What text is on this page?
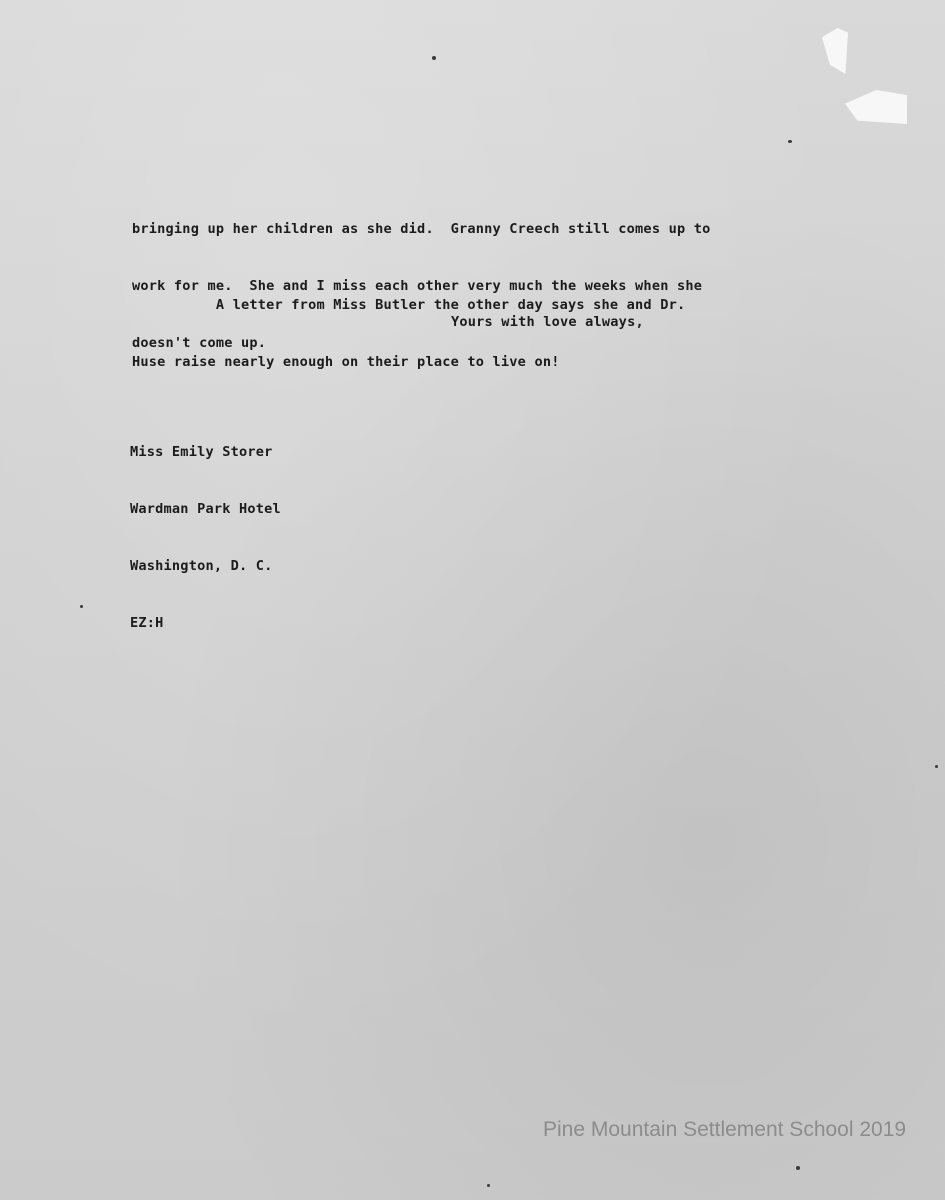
bringing up her children as she did.  Granny Creech still comes up to

work for me.  She and I miss each other very much the weeks when she

doesn't come up.

A letter from Miss Butler the other day says she and Dr.

Huse raise nearly enough on their place to live on!

Yours with love always,

Miss Emily Storer

Wardman Park Hotel

Washington, D. C.

EZ:H

Pine Mountain Settlement School 2019
